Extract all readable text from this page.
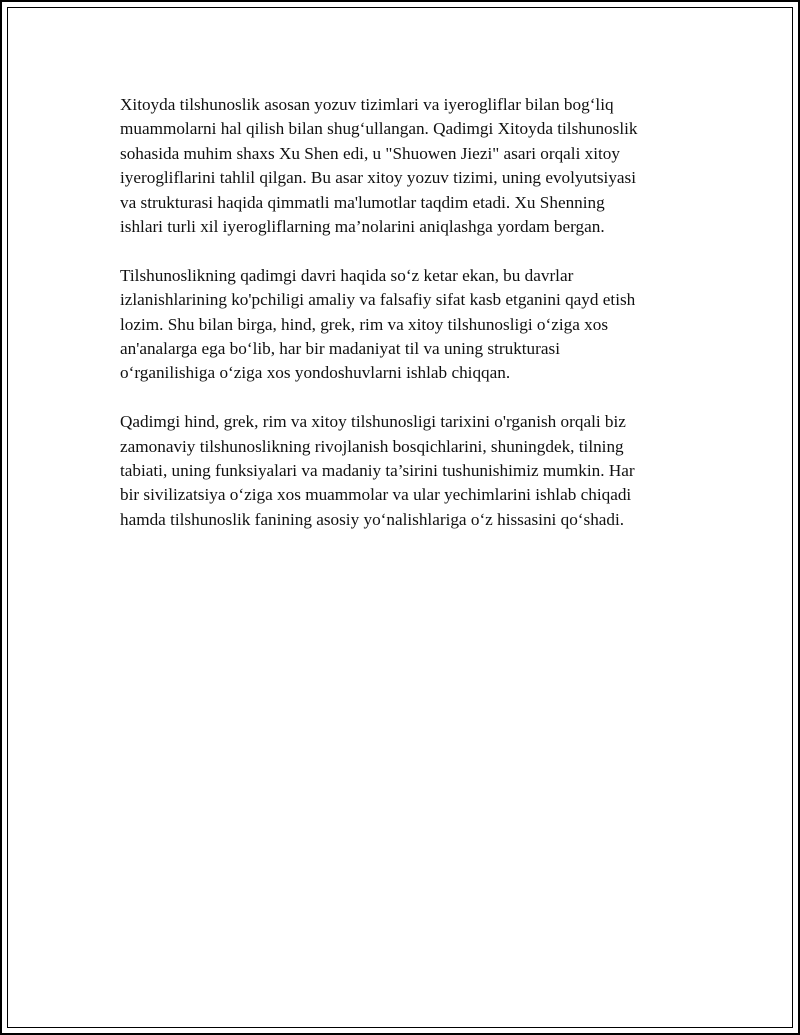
Xitoyda tilshunoslik asosan yozuv tizimlari va iyerogliflar bilan bog‘liq
muammolarni hal qilish bilan shug‘ullangan. Qadimgi Xitoyda tilshunoslik
sohasida muhim shaxs Xu Shen edi, u "Shuowen Jiezi" asari orqali xitoy
iyerogliflarini tahlil qilgan. Bu asar xitoy yozuv tizimi, uning evolyutsiyasi
va strukturasi haqida qimmatli ma'lumotlar taqdim etadi. Xu Shenning
ishlari turli xil iyerogliflarning ma’nolarini aniqlashga yordam bergan.

Tilshunoslikning qadimgi davri haqida so‘z ketar ekan, bu davrlar
izlanishlarining ko'pchiligi amaliy va falsafiy sifat kasb etganini qayd etish
lozim. Shu bilan birga, hind, grek, rim va xitoy tilshunosligi o‘ziga xos
an'analarga ega bo‘lib, har bir madaniyat til va uning strukturasi
o‘rganilishiga o‘ziga xos yondoshuvlarni ishlab chiqqan.

Qadimgi hind, grek, rim va xitoy tilshunosligi tarixini o'rganish orqali biz
zamonaviy tilshunoslikning rivojlanish bosqichlarini, shuningdek, tilning
tabiati, uning funksiyalari va madaniy ta’sirini tushunishimiz mumkin. Har
bir sivilizatsiya o‘ziga xos muammolar va ular yechimlarini ishlab chiqadi
hamda tilshunoslik fanining asosiy yo‘nalishlariga o‘z hissasini qo‘shadi.
